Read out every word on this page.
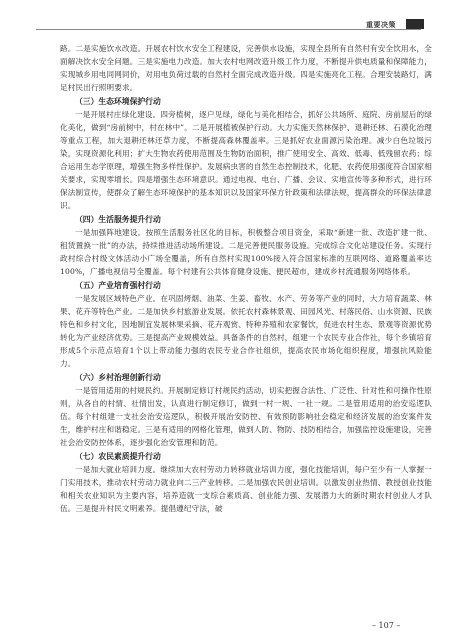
重要决策

路。二是实施饮水改造。开展农村饮水安全工程建设，完善供水设施，实现全县所有自然村有安全饮用水，全面解决饮水安全问题。三是实施电力改造。加大农村电网改造升级工作力度，不断提升供电质量和保障能力，实现城乡用电同网同价，对用电负荷过载的自然村全面完成改造升级。四是实施亮化工程。合理安装路灯，满足村民出行照明要求。

（三）生态环境保护行动

一是开展村庄绿化建设。四旁植树，逐户见绿，绿化与美化相结合，抓好公共场所、庭院、房前屋后的绿化美化，做到“房前树中，村在林中”。二是开展植被保护行动。大力实施天然林保护、退耕还林、石漠化治理等重点工程，加大退耕还林还草力度，不断提高森林覆盖率。三是抓好农业面源污染治理。减少白色垃圾污染，实现资源化利用；扩大生物农药使用范围及生物防治面积，推广使用安全、高效、低毒、低残留农药；综合运用生态学原理，增强生物多样性保护。发展病虫害的自然生态控制技术，化肥、农药使用强度符合国家相关要求，实现零增长。四是增强生态环境意识。通过电视、电台、广播、会议、实地宣传等多种形式，进行环保法制宣传，使群众了解生态环境保护的基本知识以及国家环保方针政策和法律法规，提高群众的环保法律意识。

（四）生活服务提升行动

一是加强阵地建设。按照生活服务社区化的目标，积极整合项目资金，采取“新建一批、改造扩建一批、租赁置换一批”的办法，持续推进活动场所建设。二是完善便民服务设施。完成综合文化站建设任务。实现行政村综合村级文体活动小广场全覆盖，所有自然村实现100%接入符合国家标准的互联网络、道路覆盖率达100%，广播电视信号全覆盖。每个村建有公共体育健身设施、便民超市，建成乡村流通服务网络体系。

（五）产业培育强村行动

一是发展区域特色产业。在巩固烤烟、油菜、生姜、畜牧、水产、劳务等产业的同时，大力培育蔬菜、林果、花卉等特色产业。二是加快乡村旅游业发展。依托农村森林景观、田园风光、村落民俗、山水资源、民族特色和乡村文化，因地制宜发展林果采摘、花卉观赏、特种养殖和农家餐饮，促进农村生态、景观等资源优势转化为产业经济优势。三是提高产业规模效益。具备条件的自然村，组建一个农民专业合作社，每个乡镇培育形成5个示范点培育1个以上带动能力强的农民专业合作社组织，提高农民市场化组织程度，增强抗风险能力。

（六）乡村治理创新行动

一是管用适用的村规民约。开展制定修订村规民约活动，切实把握合法性、广泛性、针对性和可操作性原则，从各自的村情、社情出发，认真进行制定修订，做到一村一规、一社一规。二是管用适用的治安巡逻队伍。每个村组建一支社会治安巡逻队，积极开展治安防控、有效预防影响社会稳定和经济发展的治安案件发生，维护村庄和谐稳定。三是有适用的网格化管理，做到人防、物防、技防相结合，加强监控设施建设，完善社会治安防控体系，逐步强化治安管理和防范。

（七）农民素质提升行动

一是加大就业培训力度。继续加大农村劳动力转移就业培训力度，强化技能培训，每户至少有一人掌握一门实用技术，推动农村劳动力就业向二三产业转移。二是加强农民创业培训。以激发创业热情、教授创业技能和相关农业知识为主要内容，培养造就一支综合素质高、创业能力强、发展潜力大的新时期农村创业人才队伍。三是提升村民文明素养。提倡遵纪守法，破

– 107 –
